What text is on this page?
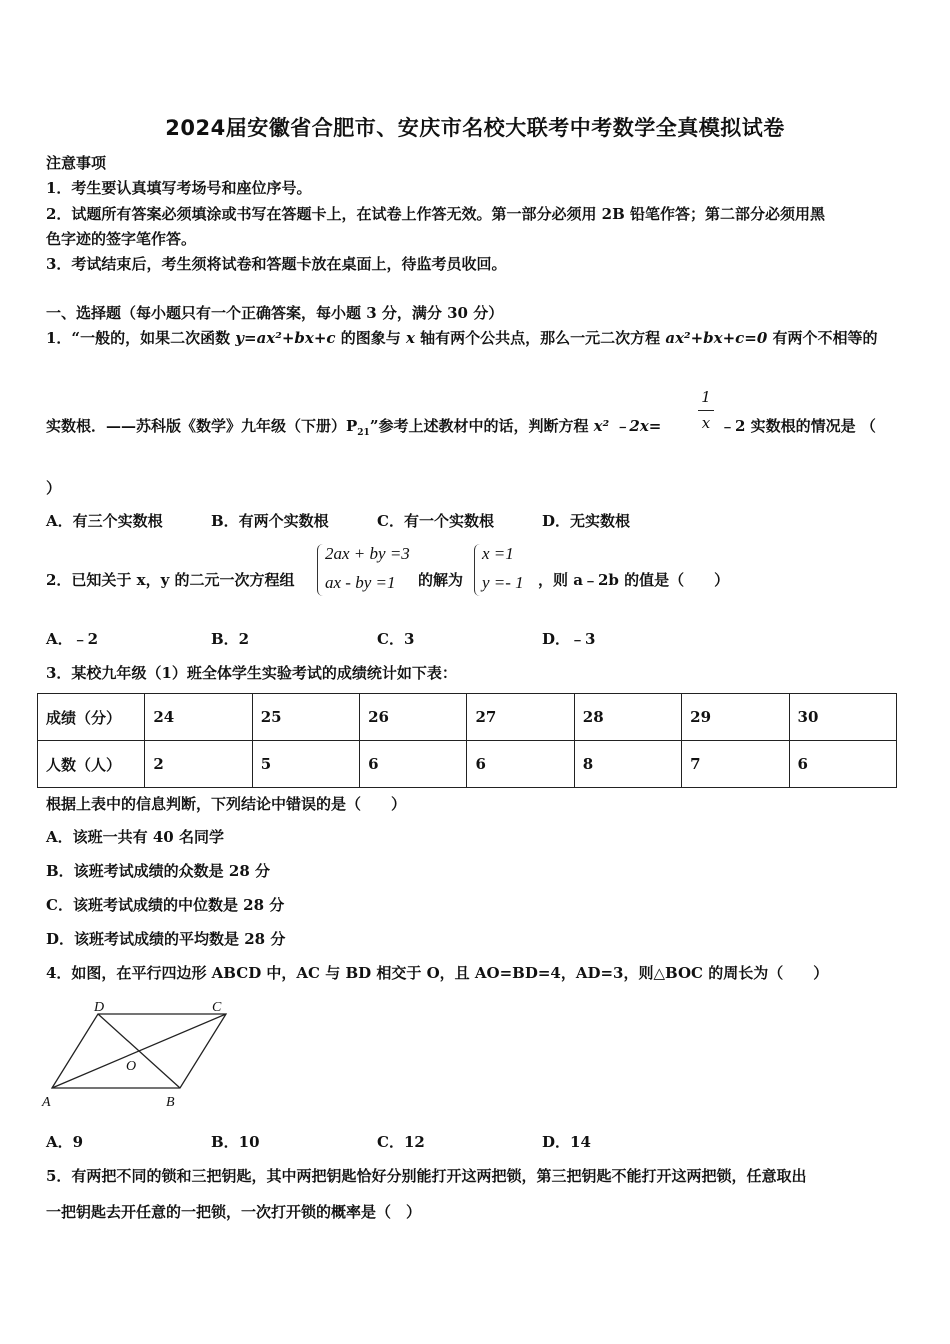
2024届安徽省合肥市、安庆市名校大联考中考数学全真模拟试卷
注意事项
1．考生要认真填写考场号和座位序号。
2．试题所有答案必须填涂或书写在答题卡上，在试卷上作答无效。第一部分必须用 2B 铅笔作答；第二部分必须用黑
色字迹的签字笔作答。
3．考试结束后，考生须将试卷和答题卡放在桌面上，待监考员收回。
一、选择题（每小题只有一个正确答案，每小题 3 分，满分 30 分）
1．“一般的，如果二次函数 y=ax²+bx+c 的图象与 x 轴有两个公共点，那么一元二次方程 ax²+bx+c=0 有两个不相等的
实数根．——苏科版《数学》九年级（下册）$P_{21}$”参考上述教材中的话，判断方程 x² ﹣2x=
1
x ﹣2 实数根的情况是 （
）
A．有三个实数根	B．有两个实数根	C．有一个实数根	D．无实数根
2．已知关于 x，y 的二元一次方程组
2ax + by =3
ax - by =1 的解为
x =1
y =- 1 ，则 a﹣2b 的值是（　　）
A．﹣2	B．2	C．3	D．﹣3
3．某校九年级（1）班全体学生实验考试的成绩统计如下表：
成绩（分）	24	25	26	27	28	29	30
人数（人）	2	5	6	6	8	7	6
根据上表中的信息判断，下列结论中错误的是（　　）
A．该班一共有 40 名同学
B．该班考试成绩的众数是 28 分
C．该班考试成绩的中位数是 28 分
D．该班考试成绩的平均数是 28 分
4．如图，在平行四边形 ABCD 中，AC 与 BD 相交于 O，且 AO=BD=4，AD=3，则△BOC 的周长为（　　）
A	B
C
D
O
A．9	B．10	C．12	D．14
5．有两把不同的锁和三把钥匙，其中两把钥匙恰好分别能打开这两把锁，第三把钥匙不能打开这两把锁，任意取出
一把钥匙去开任意的一把锁，一次打开锁的概率是（　）
